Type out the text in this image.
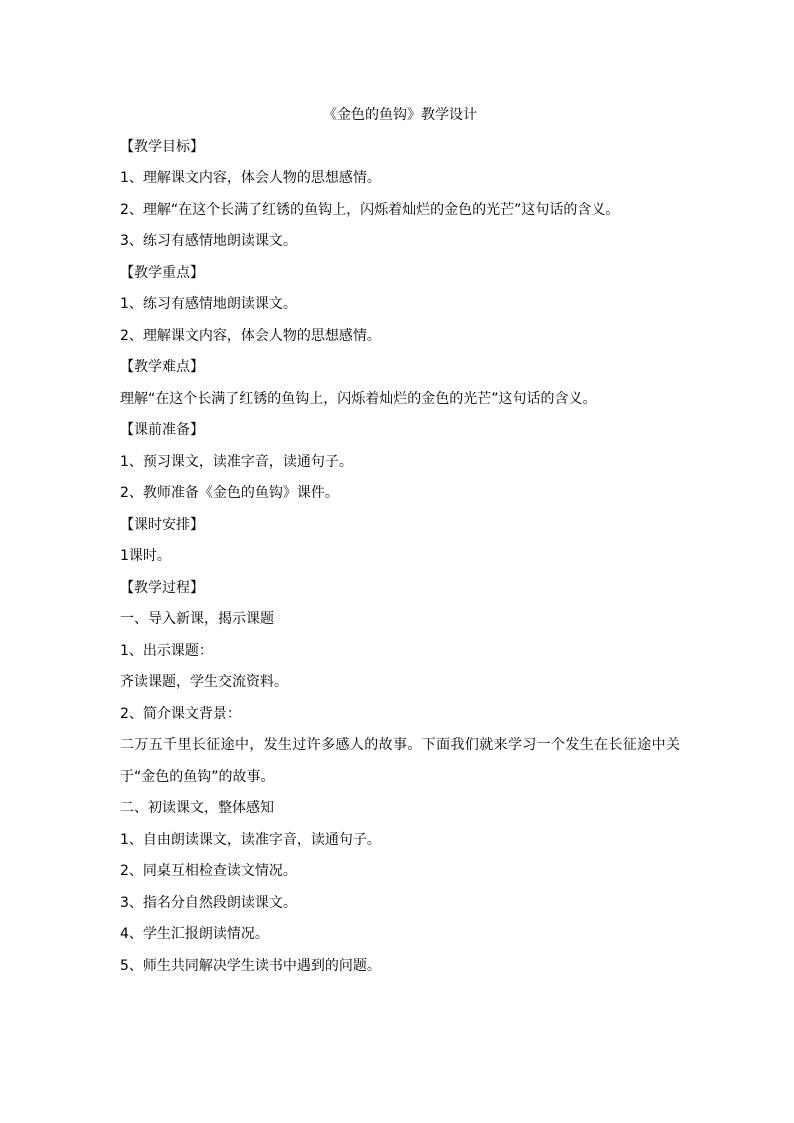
《金色的鱼钩》教学设计
【教学目标】
1、理解课文内容，体会人物的思想感情。
2、理解“在这个长满了红锈的鱼钩上，闪烁着灿烂的金色的光芒”这句话的含义。
3、练习有感情地朗读课文。
【教学重点】
1、练习有感情地朗读课文。
2、理解课文内容，体会人物的思想感情。
【教学难点】
理解“在这个长满了红锈的鱼钩上，闪烁着灿烂的金色的光芒”这句话的含义。
【课前准备】
1、预习课文，读准字音，读通句子。
2、教师准备《金色的鱼钩》课件。
【课时安排】
1课时。
【教学过程】
一、导入新课，揭示课题
1、出示课题：
齐读课题，学生交流资料。
2、简介课文背景：
二万五千里长征途中，发生过许多感人的故事。下面我们就来学习一个发生在长征途中关于“金色的鱼钩”的故事。
二、初读课文，整体感知
1、自由朗读课文，读准字音，读通句子。
2、同桌互相检查读文情况。
3、指名分自然段朗读课文。
4、学生汇报朗读情况。
5、师生共同解决学生读书中遇到的问题。
